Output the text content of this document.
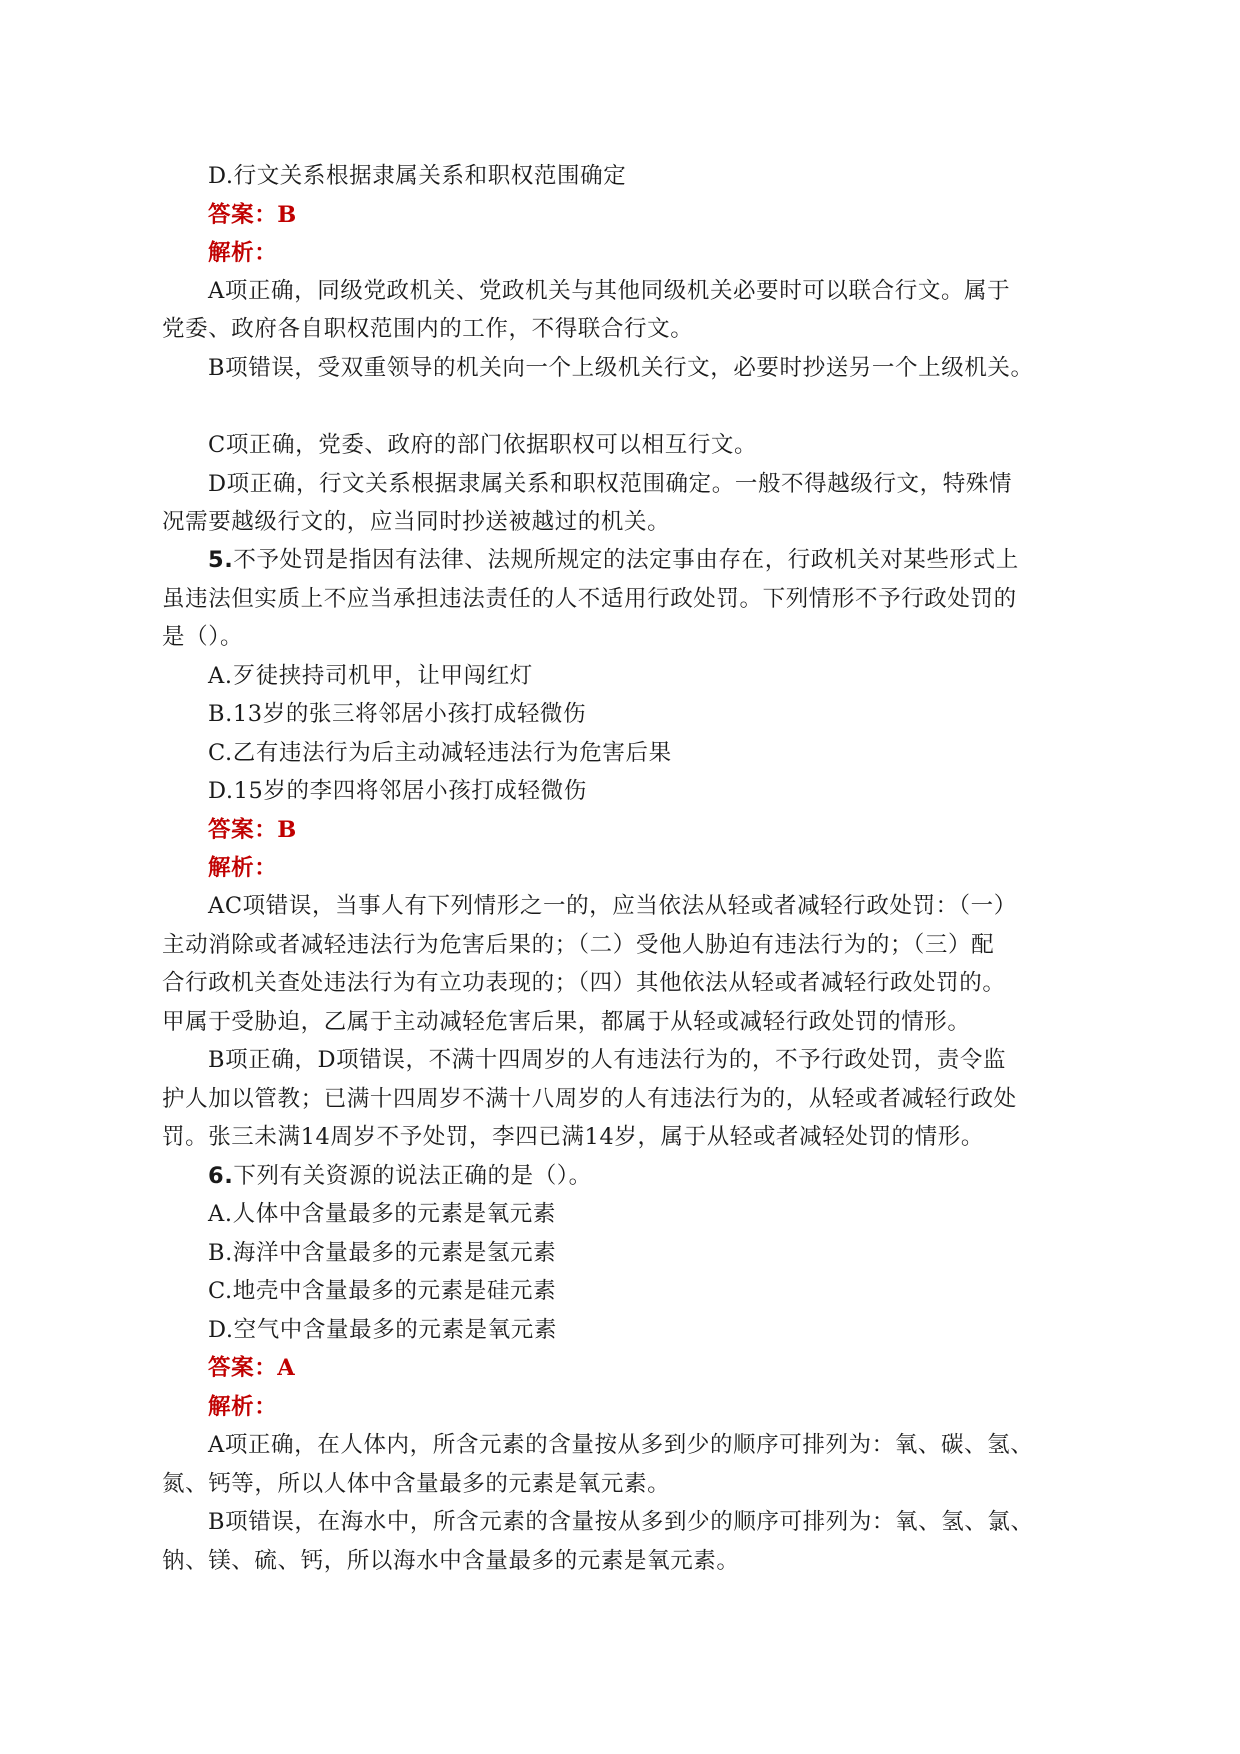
D.行文关系根据隶属关系和职权范围确定
答案：B
解析：
A项正确，同级党政机关、党政机关与其他同级机关必要时可以联合行文。属于
党委、政府各自职权范围内的工作，不得联合行文。
B项错误，受双重领导的机关向一个上级机关行文，必要时抄送另一个上级机关。
C项正确，党委、政府的部门依据职权可以相互行文。
D项正确，行文关系根据隶属关系和职权范围确定。一般不得越级行文，特殊情
况需要越级行文的，应当同时抄送被越过的机关。
5.不予处罚是指因有法律、法规所规定的法定事由存在，行政机关对某些形式上
虽违法但实质上不应当承担违法责任的人不适用行政处罚。下列情形不予行政处罚的
是（）。
A.歹徒挟持司机甲，让甲闯红灯
B.13岁的张三将邻居小孩打成轻微伤
C.乙有违法行为后主动减轻违法行为危害后果
D.15岁的李四将邻居小孩打成轻微伤
答案：B
解析：
AC项错误，当事人有下列情形之一的，应当依法从轻或者减轻行政处罚：（一）
主动消除或者减轻违法行为危害后果的；（二）受他人胁迫有违法行为的；（三）配
合行政机关查处违法行为有立功表现的；（四）其他依法从轻或者减轻行政处罚的。
甲属于受胁迫，乙属于主动减轻危害后果，都属于从轻或减轻行政处罚的情形。
B项正确，D项错误，不满十四周岁的人有违法行为的，不予行政处罚，责令监
护人加以管教；已满十四周岁不满十八周岁的人有违法行为的，从轻或者减轻行政处
罚。张三未满14周岁不予处罚，李四已满14岁，属于从轻或者减轻处罚的情形。
6.下列有关资源的说法正确的是（）。
A.人体中含量最多的元素是氧元素
B.海洋中含量最多的元素是氢元素
C.地壳中含量最多的元素是硅元素
D.空气中含量最多的元素是氧元素
答案：A
解析：
A项正确，在人体内，所含元素的含量按从多到少的顺序可排列为：氧、碳、氢、
氮、钙等，所以人体中含量最多的元素是氧元素。
B项错误，在海水中，所含元素的含量按从多到少的顺序可排列为：氧、氢、氯、
钠、镁、硫、钙，所以海水中含量最多的元素是氧元素。
